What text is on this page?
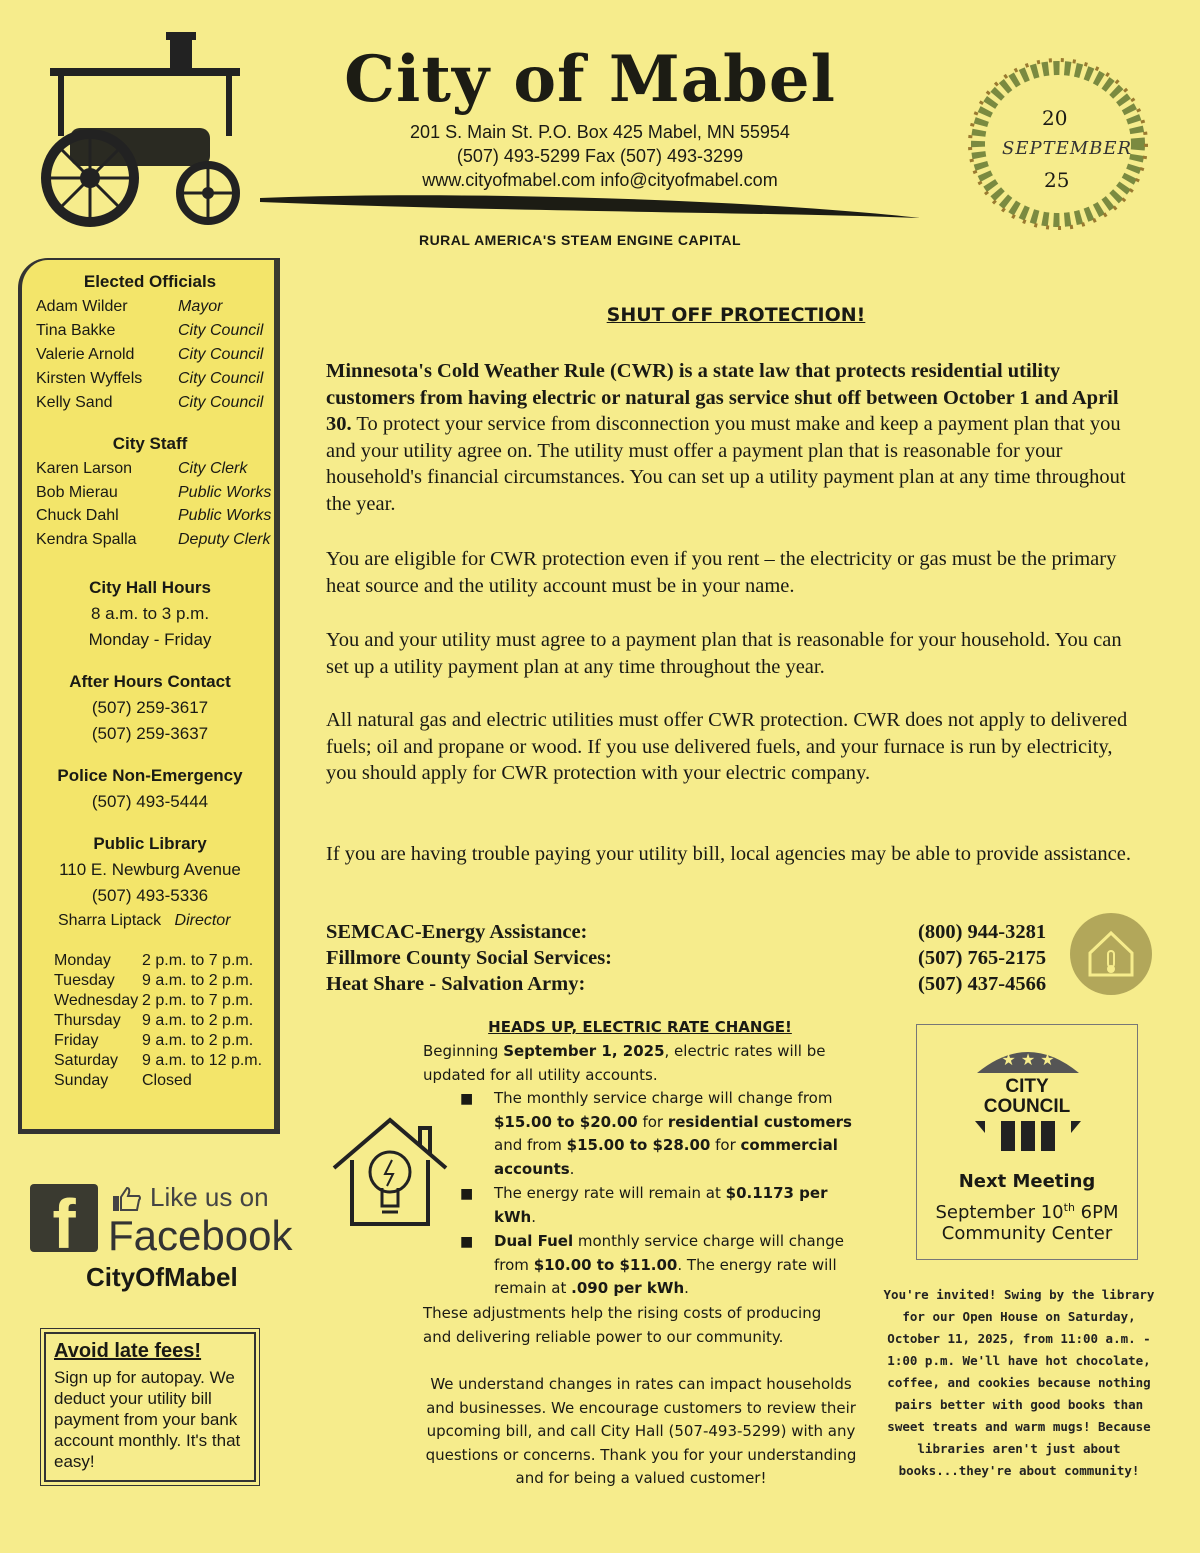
City of Mabel
201 S. Main St. P.O. Box 425 Mabel, MN 55954
(507) 493-5299 Fax (507) 493-3299
www.cityofmabel.com info@cityofmabel.com
RURAL AMERICA'S STEAM ENGINE CAPITAL
20
SEPTEMBER
25
Elected Officials
Adam Wilder	Mayor
Tina Bakke	City Council
Valerie Arnold	City Council
Kirsten Wyffels City Council
Kelly Sand	City Council
City Staff
Karen Larson	City Clerk
Bob Mierau	Public Works
Chuck Dahl	Public Works
Kendra Spalla	Deputy Clerk
City Hall Hours
8 a.m. to 3 p.m.
Monday - Friday
After Hours Contact
(507) 259-3617
(507) 259-3637
Police Non-Emergency
(507) 493-5444
Public Library
110 E. Newburg Avenue
(507) 493-5336
Sharra Liptack Director
Monday 2 p.m. to 7 p.m.
Tuesday 9 a.m. to 2 p.m.
Wednesday 2 p.m. to 7 p.m.
Thursday 9 a.m. to 2 p.m.
Friday	9 a.m. to 2 p.m.
Saturday 9 a.m. to 12 p.m.
Sunday Closed
f	Like us on
Facebook
CityOfMabel
Avoid late fees!

Sign up for autopay. We deduct your utility bill payment from your bank account monthly. It's that easy!

SHUT OFF PROTECTION!
Minnesota's Cold Weather Rule (CWR) is a state law that protects residential utility customers from having electric or natural gas service shut off between October 1 and April 30. To protect your service from disconnection you must make and keep a payment plan that you and your utility agree on. The utility must offer a payment plan that is reasonable for your household's financial circumstances. You can set up a utility payment plan at any time throughout the year.
You are eligible for CWR protection even if you rent – the electricity or gas must be the primary heat source and the utility account must be in your name.
You and your utility must agree to a payment plan that is reasonable for your household. You can set up a utility payment plan at any time throughout the year.
All natural gas and electric utilities must offer CWR protection. CWR does not apply to delivered fuels; oil and propane or wood. If you use delivered fuels, and your furnace is run by electricity, you should apply for CWR protection with your electric company.
If you are having trouble paying your utility bill, local agencies may be able to provide assistance.
SEMCAC-Energy Assistance:	(800) 944-3281
Fillmore County Social Services:	(507) 765-2175
Heat Share - Salvation Army:	(507) 437-4566
HEADS UP, ELECTRIC RATE CHANGE!
Beginning September 1, 2025, electric rates will be updated for all utility accounts.
■ The monthly service charge will change from $15.00 to $20.00 for residential customers and from $15.00 to $28.00 for commercial accounts.
■ The energy rate will remain at $0.1173 per kWh.
■ Dual Fuel monthly service charge will change from $10.00 to $11.00. The energy rate will remain at .090 per kWh.
These adjustments help the rising costs of producing and delivering reliable power to our community.
We understand changes in rates can impact households and businesses. We encourage customers to review their upcoming bill, and call City Hall (507-493-5299) with any questions or concerns. Thank you for your understanding and for being a valued customer!
★ ★ ★
CITY
COUNCIL
Next Meeting
September 10th 6PM
Community Center
You're invited! Swing by the library for our Open House on Saturday, October 11, 2025, from 11:00 a.m. - 1:00 p.m. We'll have hot chocolate, coffee, and cookies because nothing pairs better with good books than sweet treats and warm mugs! Because libraries aren't just about books...they're about community!
